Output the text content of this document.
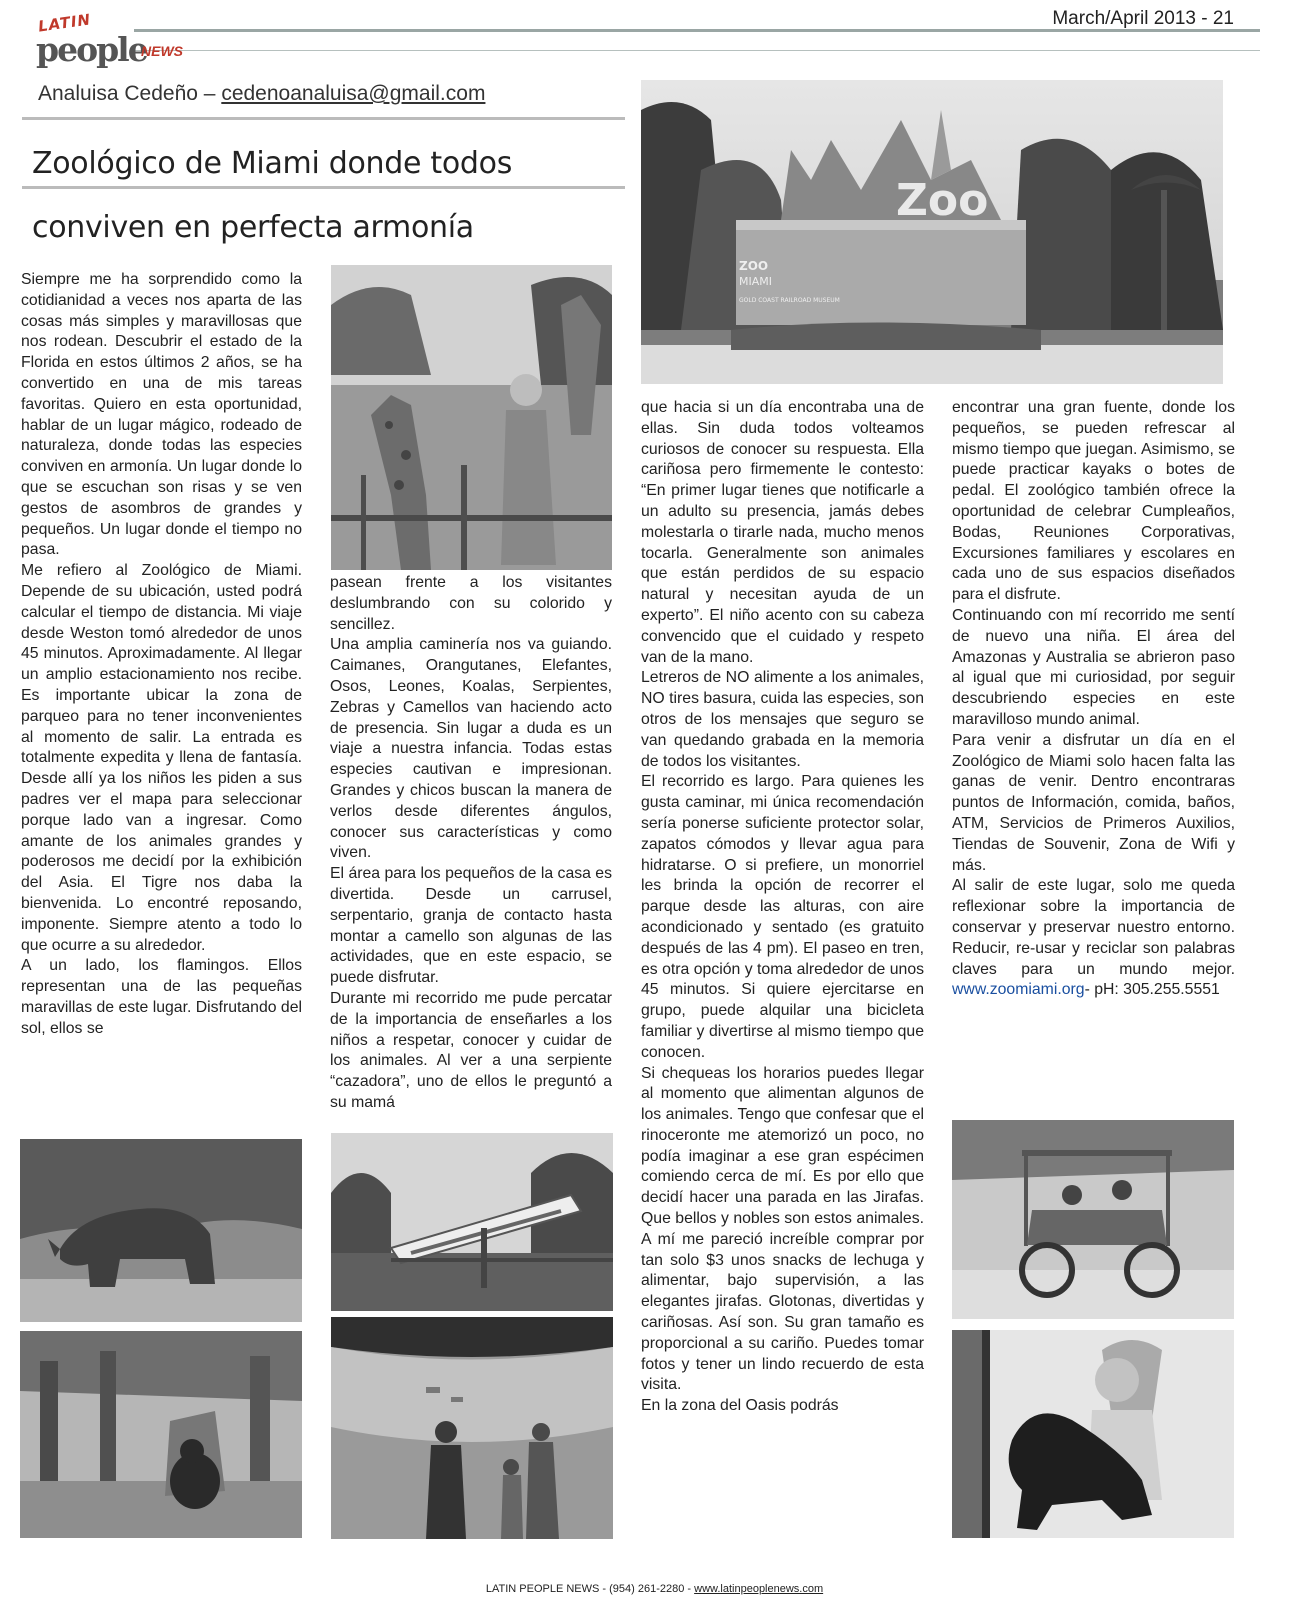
March/April 2013 - 21
LATIN
people
NEWS
Analuisa Cedeño – cedenoanaluisa@gmail.com
Zoológico de Miami donde todos
conviven en perfecta armonía
Zoo
ZOO
MIAMI
GOLD COAST RAILROAD MUSEUM

Siempre me ha sorprendido como la cotidianidad a veces nos aparta de las cosas más simples y maravillosas que nos rodean. Descubrir el estado de la Florida en estos últimos 2 años, se ha convertido en una de mis tareas favoritas. Quiero en esta oportunidad, hablar de un lugar mágico, rodeado de naturaleza, donde todas las especies conviven en armonía. Un lugar donde lo que se escuchan son risas y se ven gestos de asombros de grandes y pequeños. Un lugar donde el tiempo no pasa.

Me refiero al Zoológico de Miami. Depende de su ubicación, usted podrá calcular el tiempo de distancia. Mi viaje desde Weston tomó alrededor de unos 45 minutos. Aproximadamente. Al llegar un amplio estacionamiento nos recibe. Es importante ubicar la zona de parqueo para no tener inconvenientes al momento de salir. La entrada es totalmente expedita y llena de fantasía. Desde allí ya los niños les piden a sus padres ver el mapa para seleccionar porque lado van a ingresar. Como amante de los animales grandes y poderosos me decidí por la exhibición del Asia. El Tigre nos daba la bienvenida. Lo encontré reposando, imponente. Siempre atento a todo lo que ocurre a su alrededor.

A un lado, los flamingos. Ellos representan una de las pequeñas maravillas de este lugar. Disfrutando del sol, ellos se

pasean frente a los visitantes deslumbrando con su colorido y sencillez.

Una amplia caminería nos va guiando. Caimanes, Orangutanes, Elefantes, Osos, Leones, Koalas, Serpientes, Zebras y Camellos van haciendo acto de presencia. Sin lugar a duda es un viaje a nuestra infancia. Todas estas especies cautivan e impresionan. Grandes y chicos buscan la manera de verlos desde diferentes ángulos, conocer sus características y como viven.

El área para los pequeños de la casa es divertida. Desde un carrusel, serpentario, granja de contacto hasta montar a camello son algunas de las actividades, que en este espacio, se puede disfrutar.

Durante mi recorrido me pude percatar de la importancia de enseñarles a los niños a respetar, conocer y cuidar de los animales. Al ver a una serpiente “cazadora”, uno de ellos le preguntó a su mamá

que hacia si un día encontraba una de ellas. Sin duda todos volteamos curiosos de conocer su respuesta. Ella cariñosa pero firmemente le contesto: “En primer lugar tienes que notificarle a un adulto su presencia, jamás debes molestarla o tirarle nada, mucho menos tocarla. Generalmente son animales que están perdidos de su espacio natural y necesitan ayuda de un experto”. El niño acento con su cabeza convencido que el cuidado y respeto van de la mano.

Letreros de NO alimente a los animales, NO tires basura, cuida las especies, son otros de los mensajes que seguro se van quedando grabada en la memoria de todos los visitantes.

El recorrido es largo. Para quienes les gusta caminar, mi única recomendación sería ponerse suficiente protector solar, zapatos cómodos y llevar agua para hidratarse. O si prefiere, un monorriel les brinda la opción de recorrer el parque desde las alturas, con aire acondicionado y sentado (es gratuito después de las 4 pm). El paseo en tren, es otra opción y toma alrededor de unos 45 minutos. Si quiere ejercitarse en grupo, puede alquilar una bicicleta familiar y divertirse al mismo tiempo que conocen.

Si chequeas los horarios puedes llegar al momento que alimentan algunos de los animales. Tengo que confesar que el rinoceronte me atemorizó un poco, no podía imaginar a ese gran espécimen comiendo cerca de mí. Es por ello que decidí hacer una parada en las Jirafas. Que bellos y nobles son estos animales. A mí me pareció increíble comprar por tan solo $3 unos snacks de lechuga y alimentar, bajo supervisión, a las elegantes jirafas. Glotonas, divertidas y cariñosas. Así son. Su gran tamaño es proporcional a su cariño. Puedes tomar fotos y tener un lindo recuerdo de esta visita.

En la zona del Oasis podrás

encontrar una gran fuente, donde los pequeños, se pueden refrescar al mismo tiempo que juegan. Asimismo, se puede practicar kayaks o botes de pedal. El zoológico también ofrece la oportunidad de celebrar Cumpleaños, Bodas, Reuniones Corporativas, Excursiones familiares y escolares en cada uno de sus espacios diseñados para el disfrute.

Continuando con mí recorrido me sentí de nuevo una niña. El área del Amazonas y Australia se abrieron paso al igual que mi curiosidad, por seguir descubriendo especies en este maravilloso mundo animal.

Para venir a disfrutar un día en el Zoológico de Miami solo hacen falta las ganas de venir. Dentro encontraras puntos de Información, comida, baños, ATM, Servicios de Primeros Auxilios, Tiendas de Souvenir, Zona de Wifi y más.

Al salir de este lugar, solo me queda reflexionar sobre la importancia de conservar y preservar nuestro entorno. Reducir, re-usar y reciclar son palabras claves para un mundo mejor. www.zoomiami.org- pH: 305.255.5551

LATIN PEOPLE NEWS - (954) 261-2280 - www.latinpeoplenews.com
